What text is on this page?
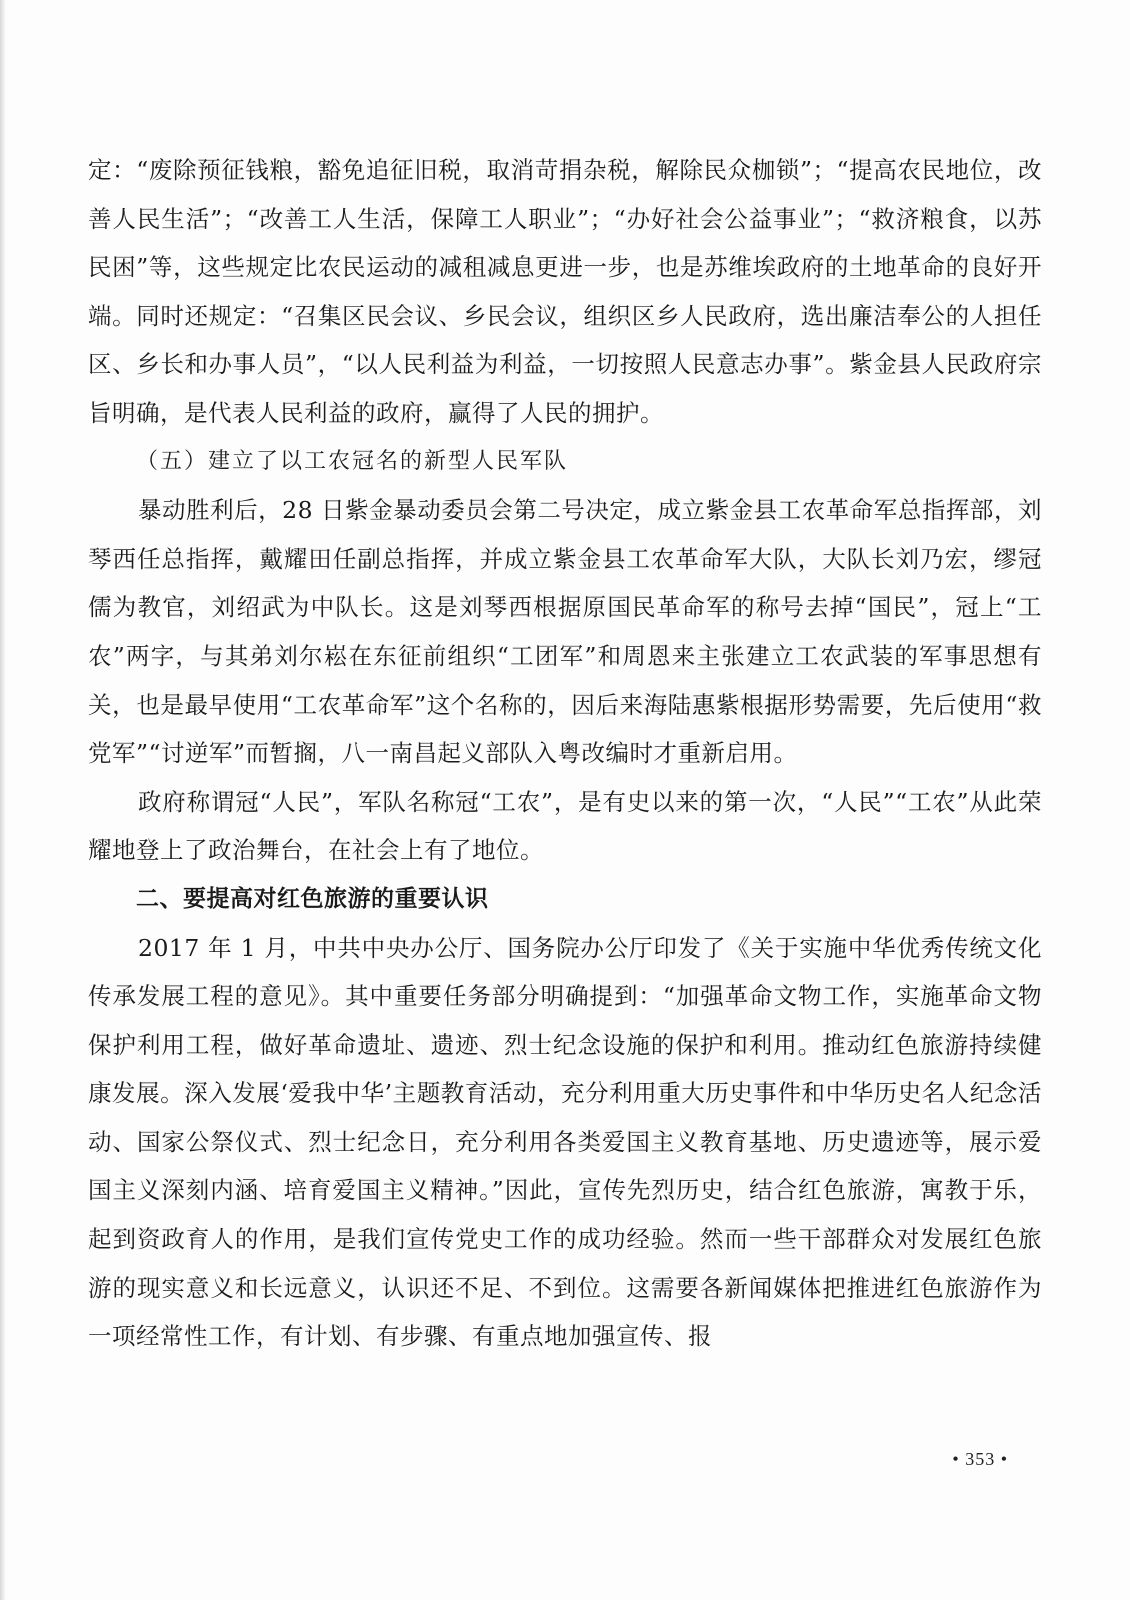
定：“废除预征钱粮，豁免追征旧税，取消苛捐杂税，解除民众枷锁”；“提高农民地位，改善人民生活”；“改善工人生活，保障工人职业”；“办好社会公益事业”；“救济粮食，以苏民困”等，这些规定比农民运动的减租减息更进一步，也是苏维埃政府的土地革命的良好开端。同时还规定：“召集区民会议、乡民会议，组织区乡人民政府，选出廉洁奉公的人担任区、乡长和办事人员”，“以人民利益为利益，一切按照人民意志办事”。紫金县人民政府宗旨明确，是代表人民利益的政府，赢得了人民的拥护。

（五）建立了以工农冠名的新型人民军队

暴动胜利后，28 日紫金暴动委员会第二号决定，成立紫金县工农革命军总指挥部，刘琴西任总指挥，戴耀田任副总指挥，并成立紫金县工农革命军大队，大队长刘乃宏，缪冠儒为教官，刘绍武为中队长。这是刘琴西根据原国民革命军的称号去掉“国民”，冠上“工农”两字，与其弟刘尔崧在东征前组织“工团军”和周恩来主张建立工农武装的军事思想有关，也是最早使用“工农革命军”这个名称的，因后来海陆惠紫根据形势需要，先后使用“救党军”“讨逆军”而暂搁，八一南昌起义部队入粤改编时才重新启用。

政府称谓冠“人民”，军队名称冠“工农”，是有史以来的第一次，“人民”“工农”从此荣耀地登上了政治舞台，在社会上有了地位。

二、要提高对红色旅游的重要认识

2017 年 1 月，中共中央办公厅、国务院办公厅印发了《关于实施中华优秀传统文化传承发展工程的意见》。其中重要任务部分明确提到：“加强革命文物工作，实施革命文物保护利用工程，做好革命遗址、遗迹、烈士纪念设施的保护和利用。推动红色旅游持续健康发展。深入发展‘爱我中华’主题教育活动，充分利用重大历史事件和中华历史名人纪念活动、国家公祭仪式、烈士纪念日，充分利用各类爱国主义教育基地、历史遗迹等，展示爱国主义深刻内涵、培育爱国主义精神。”因此，宣传先烈历史，结合红色旅游，寓教于乐，起到资政育人的作用，是我们宣传党史工作的成功经验。然而一些干部群众对发展红色旅游的现实意义和长远意义，认识还不足、不到位。这需要各新闻媒体把推进红色旅游作为一项经常性工作，有计划、有步骤、有重点地加强宣传、报

• 353 •
